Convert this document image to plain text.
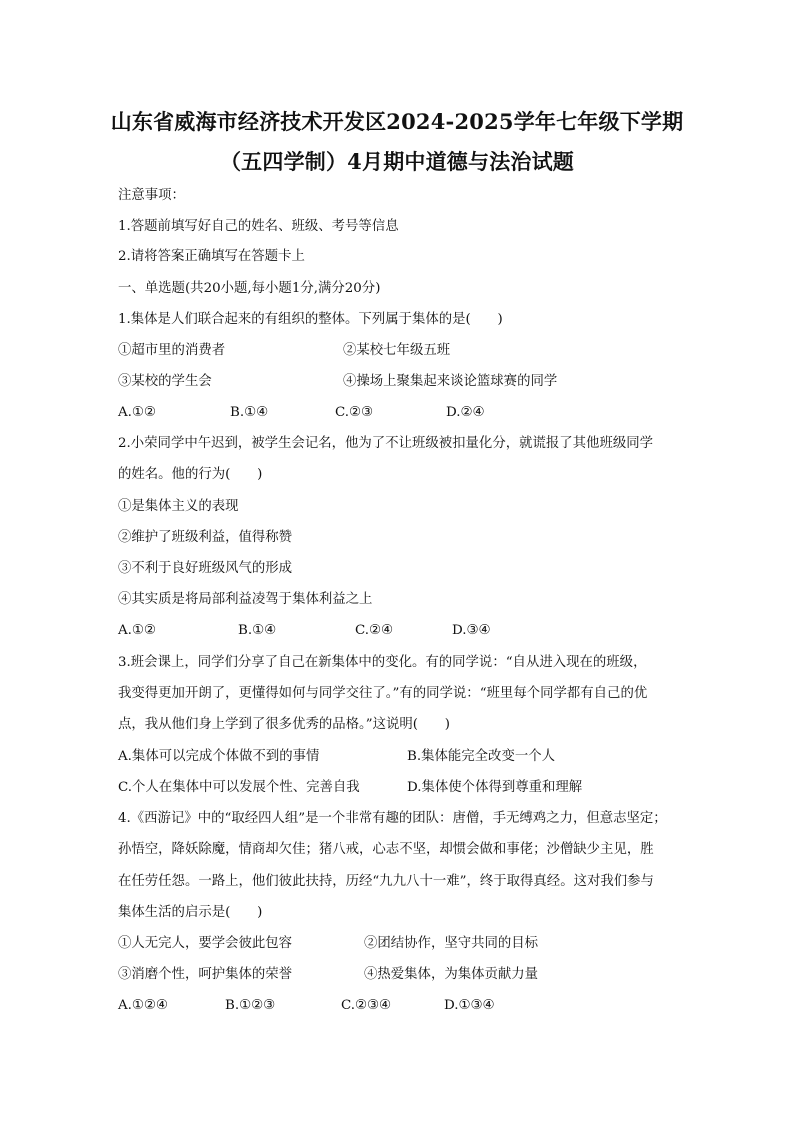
山东省威海市经济技术开发区2024-2025学年七年级下学期
（五四学制）4月期中道德与法治试题
注意事项：
1.答题前填写好自己的姓名、班级、考号等信息
2.请将答案正确填写在答题卡上
一、单选题(共20小题,每小题1分,满分20分)
1.集体是人们联合起来的有组织的整体。下列属于集体的是(　　)
①超市里的消费者	②某校七年级五班
③某校的学生会	④操场上聚集起来谈论篮球赛的同学
A.①②	B.①④	C.②③	D.②④
2.小荣同学中午迟到，被学生会记名，他为了不让班级被扣量化分，就谎报了其他班级同学
的姓名。他的行为(　　)
①是集体主义的表现
②维护了班级利益，值得称赞
③不利于良好班级风气的形成
④其实质是将局部利益凌驾于集体利益之上
A.①②	B.①④	C.②④	D.③④
3.班会课上，同学们分享了自己在新集体中的变化。有的同学说：“自从进入现在的班级，
我变得更加开朗了，更懂得如何与同学交往了。”有的同学说：“班里每个同学都有自己的优
点，我从他们身上学到了很多优秀的品格。”这说明(　　)
A.集体可以完成个体做不到的事情	B.集体能完全改变一个人
C.个人在集体中可以发展个性、完善自我	D.集体使个体得到尊重和理解
4.《西游记》中的“取经四人组”是一个非常有趣的团队：唐僧，手无缚鸡之力，但意志坚定；
孙悟空，降妖除魔，情商却欠佳；猪八戒，心志不坚，却惯会做和事佬；沙僧缺少主见，胜
在任劳任怨。一路上，他们彼此扶持，历经“九九八十一难”，终于取得真经。这对我们参与
集体生活的启示是(　　)
①人无完人，要学会彼此包容	②团结协作，坚守共同的目标
③消磨个性，呵护集体的荣誉	④热爱集体，为集体贡献力量
A.①②④	B.①②③	C.②③④	D.①③④
